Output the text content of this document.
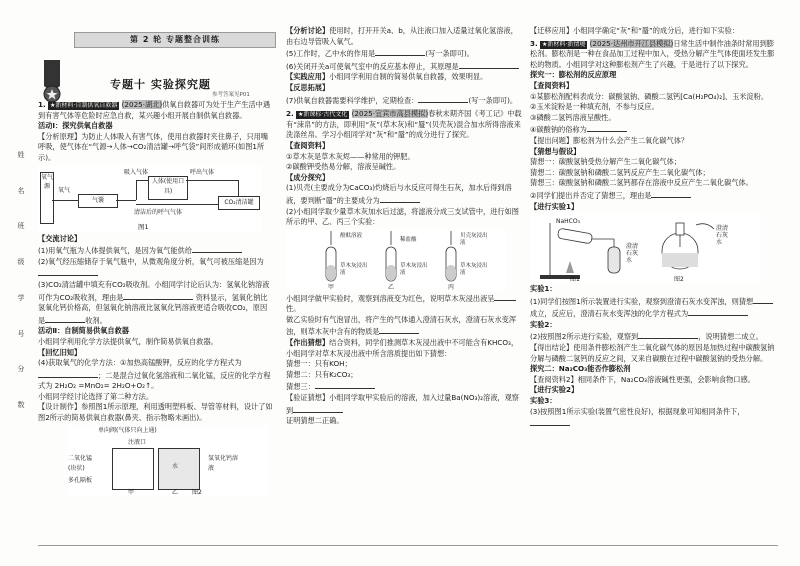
姓
名
班
级
学
号
分
数
第 2 轮 专题整合训练
专题十 实验探究题
参考答案见P01

1. ★新材料·自制供氧自救器 (2025·湖北)供氧自救器可为处于生产生活中遇到有害气体等危险时应急自救，某兴趣小组开展自制供氧自救器。

活动Ⅰ：探究供氧自救器

【分析原理】为防止人体吸入有害气体，使用自救器时夹住鼻子，只用嘴呼吸，使气体在“气源→人体→CO₂清洁罐→呼气袋”间形成循环(如图1所示)。

氧气源
气囊
氧气
吸入气体
人体(使用口具)
呼出气体
CO₂清洁罐
清洁后的呼气气体
图1

【交流讨论】

(1)用氧气瓶为人体提供氧气，是因为氧气能供给

(2)氧气经压缩储存于氧气瓶中，从微观角度分析，氧气可被压缩是因为

(3)CO₂清洁罐中填充有CO₂吸收剂。小组同学讨论后认为：氢氧化钠溶液可作为CO₂吸收剂，理由是	资料显示，氢氧化钠比氢氧化钙价格高，但氢氧化钠溶液比氢氧化钙溶液更适合吸收CO₂，原因是	收剂。

活动Ⅱ：自制简易供氧自救器

小组同学利用化学方法提供氧气，制作简易供氧自救器。

【回忆旧知】

(4)获取氧气的化学方法：①加热高锰酸钾，反应的化学方程式为；二是混合过氧化氢溶液和二氧化锰，反应的化学方程式为 2H₂O₂ =MnO₂= 2H₂O+O₂↑。

小组同学经讨论选择了第二种方法。

【设计制作】参照图1所示原理，利用透明塑料板、导管等材料，设计了如图2所示的简易供氧自救器(鼻夹、指示物略未画出)。

单向阀(气体只向上通)
注液口
二氧化锰(块状)
多孔隔板
水
氢氧化钙溶液
甲	乙 图2

【分析讨论】使用时，打开开关a、b，从注液口加入适量过氧化氢溶液，由右边导管吸入氧气。

(5)工作时，乙中水的作用是	(写一条即可)。

(6)关闭开关a可使氧气室中的反应基本停止，其原理是

【实践应用】小组同学利用自制的简易供氧自救器，效果明显。

【反思拓展】

(7)供氧自救器需要科学维护，定期检查：	(写一条即可)。

2. ★新课标·古代文化 (2025·宜宾市高县模拟)春秋末期齐国《考工记》中载有“涑帛”的方法，即利用“灰”(草木灰)和“蜃”(贝壳灰)混合加水所得溶液来洗涤丝帛。学习小组同学对“灰”和“蜃”的成分进行了探究。

【查阅资料】

①草木灰是草木灰烬——种常用的钾肥。

②碳酸钾受热易分解，溶液呈碱性。

【成分探究】

(1)贝壳(主要成分为CaCO₃)灼烧后与水反应可得生石灰，加水后得到溶液，要判断“蜃”的主要成分为

(2)小组同学取少量草木灰加水后过滤，将滤液分成三支试管中，进行如图所示的甲、乙、丙三个实验：

酚酞溶液
稀盐酸
贝壳灰浸出液
草木灰浸出液
草木灰浸出液
草木灰浸出液
甲	乙	丙

小组同学做甲实验时，观察到溶液变为红色，说明草木灰浸出液呈性。

做乙实验时有气泡冒出，将产生的气体通入澄清石灰水，澄清石灰水变浑浊，则草木灰中含有的物质是

【作出猜想】结合资料，同学们推测草木灰浸出液中不可能含有KHCO₃，小组同学对草木灰浸出液中所含溶质提出如下猜想：

猜想一：只有KOH；

猜想二：只有K₂CO₃；

猜想三：

【验证猜想】小组同学取甲实验后的溶液，加入过量Ba(NO₃)₂溶液，观察到

证明猜想二正确。

【迁移应用】小组同学确定“灰”和“蜃”的成分后，进行如下实验：

3. ★新材料·新情境 (2025·达州市开江县模拟)日常生活中制作油条时常用到膨松剂。膨松剂是一种在食品加工过程中加入，受热分解产生气体使面坯发生膨松的物质。小组同学对这种膨松剂产生了兴趣，于是进行了以下探究。

探究一：膨松剂的反应原理

【查阅资料】

①某膨松剂配料表成分：碳酸氢钠、磷酸二氢钙[Ca(H₂PO₄)₂]、玉米淀粉。

②玉米淀粉是一种填充剂，不参与反应。

③磷酸二氢钙溶液呈酸性。

④碳酸钠的俗称为

【提出问题】膨松剂为什么会产生二氧化碳气体？

【猜想与假设】

猜想一：碳酸氢钠受热分解产生二氧化碳气体；

猜想二：碳酸氢钠和磷酸二氢钙反应产生二氧化碳气体；

猜想三：碳酸氢钠和磷酸二氢钙都存在溶液中反应产生二氧化碳气体。

②同学们提出并否定了猜想三，理由是

【进行实验1】

NaHCO₃
澄清石灰水
澄清石灰水
图1	图2

实验1：

(1)同学们按图1所示装置进行实验，观察到澄清石灰水变浑浊，则猜想成立，反应后，澄清石灰水变浑浊的化学方程式为

实验2：

(2)按照图2所示进行实验，观察到	，说明猜想二成立。

【得出结论】使用条件膨松剂产生二氧化碳气体的原因是加热过程中碳酸氢钠分解与磷酸二氢钙的反应之间，又来自碳酸在过程中碳酸氢钠的受热分解。

探究二：Na₂CO₃能否作膨松剂

【查阅资料2】相同条件下，Na₂CO₃溶液碱性更强，会影响食物口感。

【进行实验2】

实验3：

(3)按照图1所示实验(装置气密性良好)，根据现象可知相同条件下，
